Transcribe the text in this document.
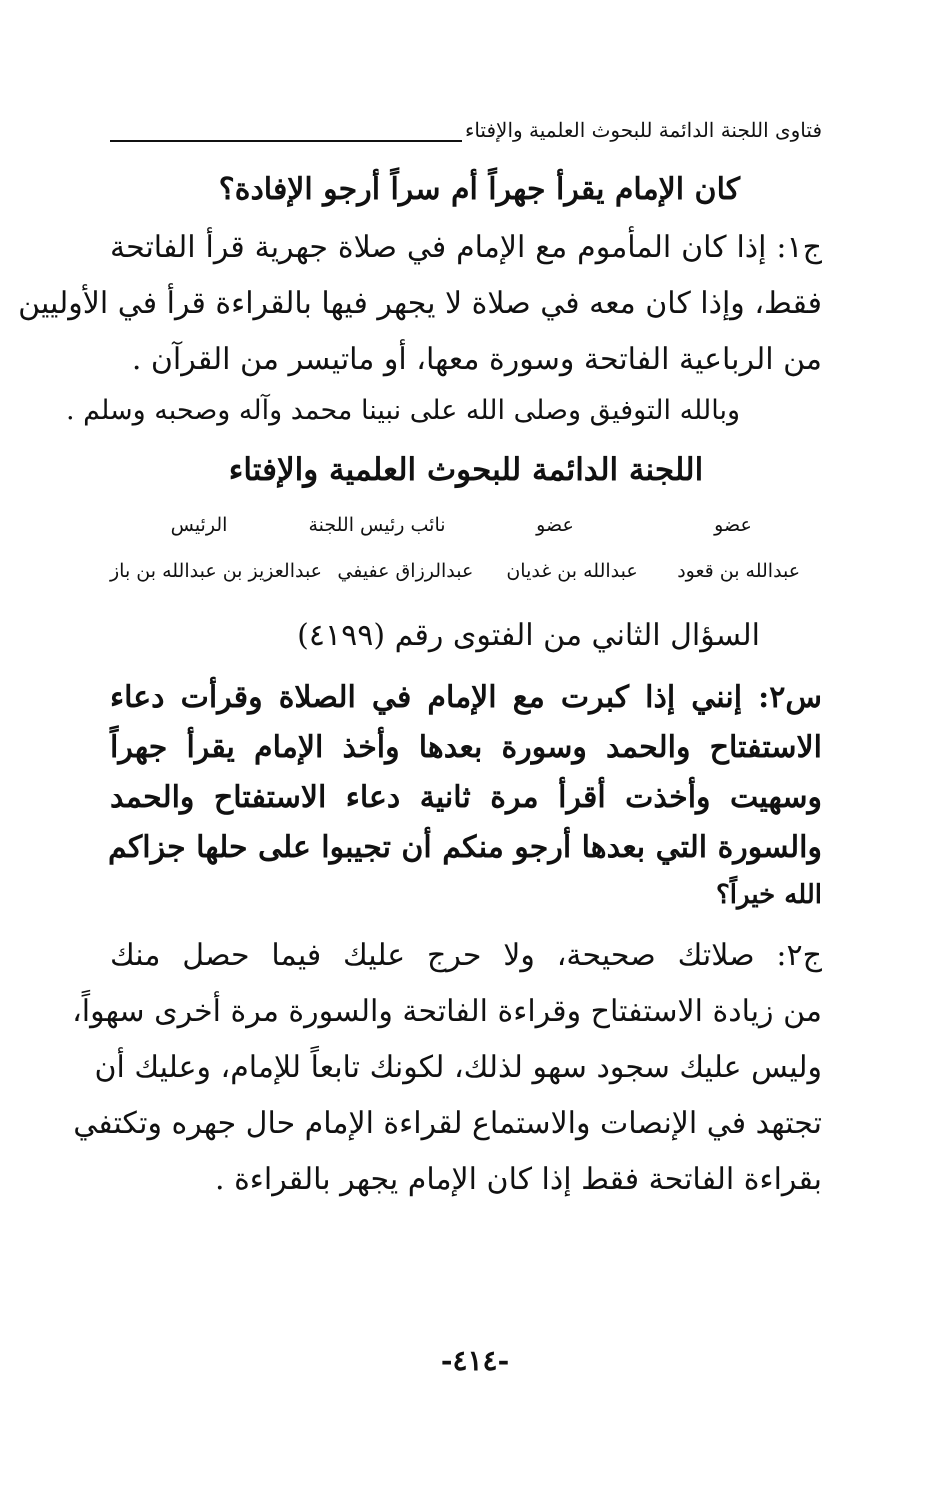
فتاوى اللجنة الدائمة للبحوث العلمية والإفتاء
كان الإمام يقرأ جهراً أم سراً أرجو الإفادة؟
ج١: إذا كان المأموم مع الإمام في صلاة جهرية قرأ الفاتحة
فقط، وإذا كان معه في صلاة لا يجهر فيها بالقراءة قرأ في الأوليين
من الرباعية الفاتحة وسورة معها، أو ماتيسر من القرآن .
وبالله التوفيق وصلى الله على نبينا محمد وآله وصحبه وسلم .
اللجنة الدائمة للبحوث العلمية والإفتاء
عضو
عضو
نائب رئيس اللجنة
الرئيس
عبدالله بن قعود
عبدالله بن غديان
عبدالرزاق عفيفي
عبدالعزيز بن عبدالله بن باز
السؤال الثاني من الفتوى رقم (٤١٩٩)
س٢: إنني إذا كبرت مع الإمام في الصلاة وقرأت دعاء
الاستفتاح والحمد وسورة بعدها وأخذ الإمام يقرأ جهراً
وسهيت وأخذت أقرأ مرة ثانية دعاء الاستفتاح والحمد
والسورة التي بعدها أرجو منكم أن تجيبوا على حلها جزاكم
الله خيراً؟
ج٢: صلاتك صحيحة، ولا حرج عليك فيما حصل منك
من زيادة الاستفتاح وقراءة الفاتحة والسورة مرة أخرى سهواً،
وليس عليك سجود سهو لذلك، لكونك تابعاً للإمام، وعليك أن
تجتهد في الإنصات والاستماع لقراءة الإمام حال جهره وتكتفي
بقراءة الفاتحة فقط إذا كان الإمام يجهر بالقراءة .
-٤١٤-
